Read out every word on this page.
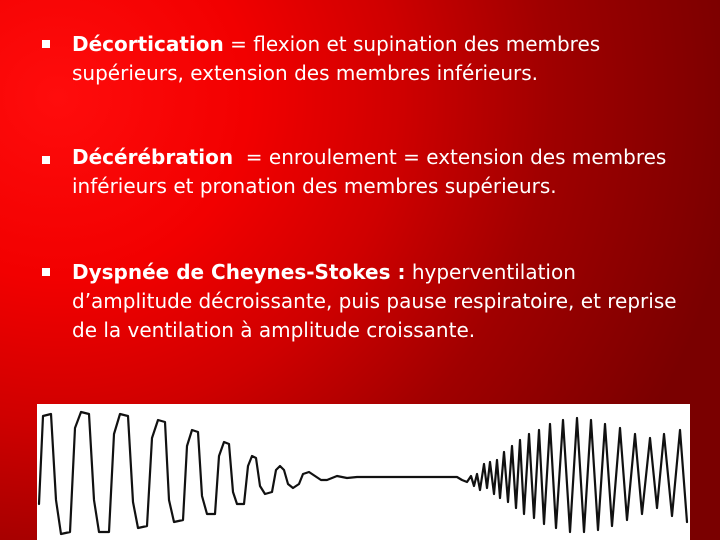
Décortication = flexion et supination des membres supérieurs, extension des membres inférieurs.

Décérébration  = enroulement = extension des membres inférieurs et pronation des membres supérieurs.

Dyspnée de Cheynes-Stokes : hyperventilation d’amplitude décroissante, puis pause respiratoire, et reprise de la ventilation à amplitude croissante.
